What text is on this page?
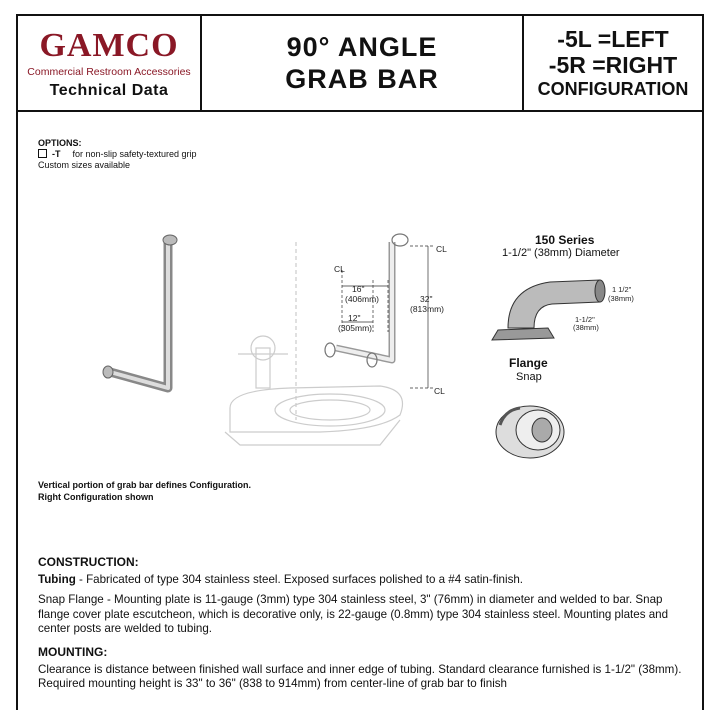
GAMCO
Commercial Restroom Accessories
Technical Data
90° ANGLE
GRAB BAR
-5L =LEFT
-5R =RIGHT
CONFIGURATION
OPTIONS:
-T for non-slip safety-textured grip
Custom sizes available
16"
(406mm)
12"
(305mm)
32"
(813mm)
CL
CL
CL
1 1/2"
(38mm)
1-1/2"
(38mm)
150 Series
1-1/2" (38mm) Diameter
Flange
Snap
Vertical portion of grab bar defines Configuration.
Right Configuration shown
CONSTRUCTION:
Tubing - Fabricated of type 304 stainless steel. Exposed surfaces polished to a #4 satin-finish.
Snap Flange - Mounting plate is 11-gauge (3mm) type 304 stainless steel, 3" (76mm) in diameter and welded to bar. Snap flange cover plate escutcheon, which is decorative only, is 22-gauge (0.8mm) type 304 stainless steel. Mounting plates and center posts are welded to tubing.
MOUNTING:
Clearance is distance between finished wall surface and inner edge of tubing. Standard clearance furnished is 1-1/2" (38mm). Required mounting height is 33" to 36" (838 to 914mm) from center-line of grab bar to finish
